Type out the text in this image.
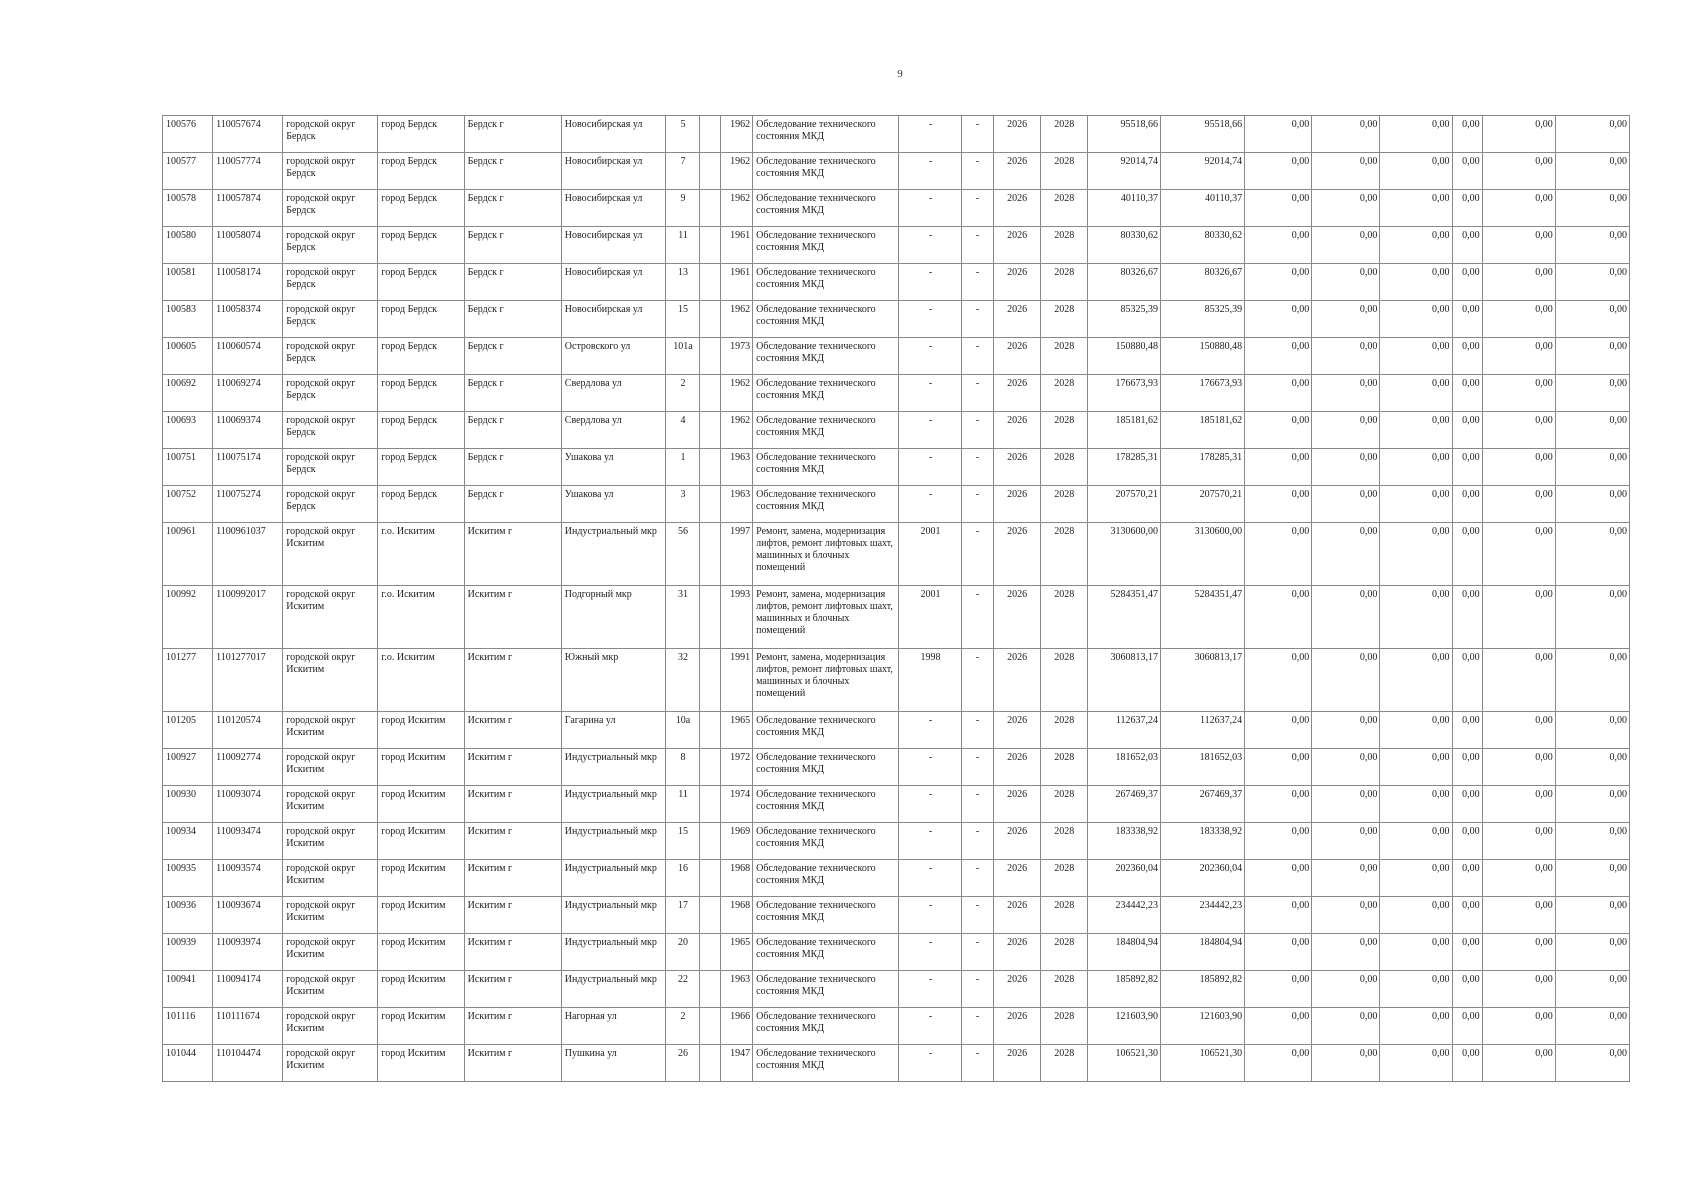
9
100576	110057674	городской округ Бердск	город Бердск	Бердск г	Новосибирская ул	5		1962	Обследование технического состояния МКД	-	-	2026	2028	95518,66	95518,66	0,00	0,00	0,00	0,00	0,00	0,00
100577	110057774	городской округ Бердск	город Бердск	Бердск г	Новосибирская ул	7		1962	Обследование технического состояния МКД	-	-	2026	2028	92014,74	92014,74	0,00	0,00	0,00	0,00	0,00	0,00
100578	110057874	городской округ Бердск	город Бердск	Бердск г	Новосибирская ул	9		1962	Обследование технического состояния МКД	-	-	2026	2028	40110,37	40110,37	0,00	0,00	0,00	0,00	0,00	0,00
100580	110058074	городской округ Бердск	город Бердск	Бердск г	Новосибирская ул	11		1961	Обследование технического состояния МКД	-	-	2026	2028	80330,62	80330,62	0,00	0,00	0,00	0,00	0,00	0,00
100581	110058174	городской округ Бердск	город Бердск	Бердск г	Новосибирская ул	13		1961	Обследование технического состояния МКД	-	-	2026	2028	80326,67	80326,67	0,00	0,00	0,00	0,00	0,00	0,00
100583	110058374	городской округ Бердск	город Бердск	Бердск г	Новосибирская ул	15		1962	Обследование технического состояния МКД	-	-	2026	2028	85325,39	85325,39	0,00	0,00	0,00	0,00	0,00	0,00
100605	110060574	городской округ Бердск	город Бердск	Бердск г	Островского ул	101а		1973	Обследование технического состояния МКД	-	-	2026	2028	150880,48	150880,48	0,00	0,00	0,00	0,00	0,00	0,00
100692	110069274	городской округ Бердск	город Бердск	Бердск г	Свердлова ул	2		1962	Обследование технического состояния МКД	-	-	2026	2028	176673,93	176673,93	0,00	0,00	0,00	0,00	0,00	0,00
100693	110069374	городской округ Бердск	город Бердск	Бердск г	Свердлова ул	4		1962	Обследование технического состояния МКД	-	-	2026	2028	185181,62	185181,62	0,00	0,00	0,00	0,00	0,00	0,00
100751	110075174	городской округ Бердск	город Бердск	Бердск г	Ушакова ул	1		1963	Обследование технического состояния МКД	-	-	2026	2028	178285,31	178285,31	0,00	0,00	0,00	0,00	0,00	0,00
100752	110075274	городской округ Бердск	город Бердск	Бердск г	Ушакова ул	3		1963	Обследование технического состояния МКД	-	-	2026	2028	207570,21	207570,21	0,00	0,00	0,00	0,00	0,00	0,00
100961	1100961037	городской округ Искитим	г.о. Искитим	Искитим г	Индустриальный мкр	56		1997	Ремонт, замена, модернизация лифтов, ремонт лифтовых шахт, машинных и блочных помещений	2001	-	2026	2028	3130600,00	3130600,00	0,00	0,00	0,00	0,00	0,00	0,00
100992	1100992017	городской округ Искитим	г.о. Искитим	Искитим г	Подгорный мкр	31		1993	Ремонт, замена, модернизация лифтов, ремонт лифтовых шахт, машинных и блочных помещений	2001	-	2026	2028	5284351,47	5284351,47	0,00	0,00	0,00	0,00	0,00	0,00
101277	1101277017	городской округ Искитим	г.о. Искитим	Искитим г	Южный мкр	32		1991	Ремонт, замена, модернизация лифтов, ремонт лифтовых шахт, машинных и блочных помещений	1998	-	2026	2028	3060813,17	3060813,17	0,00	0,00	0,00	0,00	0,00	0,00
101205	110120574	городской округ Искитим	город Искитим	Искитим г	Гагарина ул	10а		1965	Обследование технического состояния МКД	-	-	2026	2028	112637,24	112637,24	0,00	0,00	0,00	0,00	0,00	0,00
100927	110092774	городской округ Искитим	город Искитим	Искитим г	Индустриальный мкр	8		1972	Обследование технического состояния МКД	-	-	2026	2028	181652,03	181652,03	0,00	0,00	0,00	0,00	0,00	0,00
100930	110093074	городской округ Искитим	город Искитим	Искитим г	Индустриальный мкр	11		1974	Обследование технического состояния МКД	-	-	2026	2028	267469,37	267469,37	0,00	0,00	0,00	0,00	0,00	0,00
100934	110093474	городской округ Искитим	город Искитим	Искитим г	Индустриальный мкр	15		1969	Обследование технического состояния МКД	-	-	2026	2028	183338,92	183338,92	0,00	0,00	0,00	0,00	0,00	0,00
100935	110093574	городской округ Искитим	город Искитим	Искитим г	Индустриальный мкр	16		1968	Обследование технического состояния МКД	-	-	2026	2028	202360,04	202360,04	0,00	0,00	0,00	0,00	0,00	0,00
100936	110093674	городской округ Искитим	город Искитим	Искитим г	Индустриальный мкр	17		1968	Обследование технического состояния МКД	-	-	2026	2028	234442,23	234442,23	0,00	0,00	0,00	0,00	0,00	0,00
100939	110093974	городской округ Искитим	город Искитим	Искитим г	Индустриальный мкр	20		1965	Обследование технического состояния МКД	-	-	2026	2028	184804,94	184804,94	0,00	0,00	0,00	0,00	0,00	0,00
100941	110094174	городской округ Искитим	город Искитим	Искитим г	Индустриальный мкр	22		1963	Обследование технического состояния МКД	-	-	2026	2028	185892,82	185892,82	0,00	0,00	0,00	0,00	0,00	0,00
101116	110111674	городской округ Искитим	город Искитим	Искитим г	Нагорная ул	2		1966	Обследование технического состояния МКД	-	-	2026	2028	121603,90	121603,90	0,00	0,00	0,00	0,00	0,00	0,00
101044	110104474	городской округ Искитим	город Искитим	Искитим г	Пушкина ул	26		1947	Обследование технического состояния МКД	-	-	2026	2028	106521,30	106521,30	0,00	0,00	0,00	0,00	0,00	0,00
